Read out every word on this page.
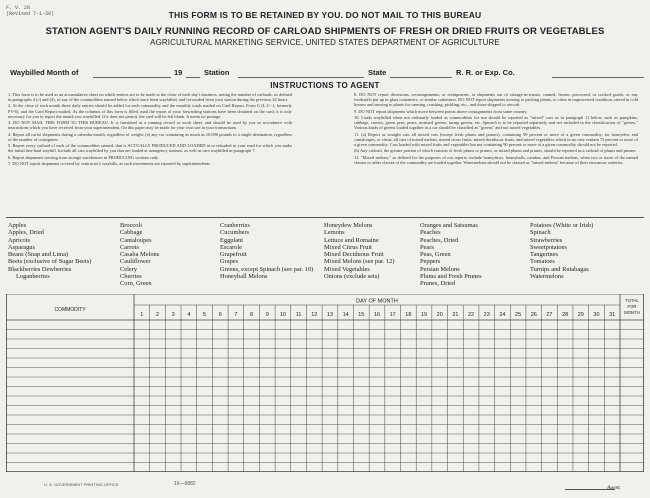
F. V. 28
(Revised 7-1-39)	THIS FORM IS TO BE RETAINED BY YOU. DO NOT MAIL TO THIS BUREAU
STATION AGENT'S DAILY RUNNING RECORD OF CARLOAD SHIPMENTS OF FRESH OR DRIED FRUITS OR VEGETABLES
AGRICULTURAL MARKETING SERVICE, UNITED STATES DEPARTMENT OF AGRICULTURE
Waybilled Month of	19	Station	State	R. R. or Exp. Co.
INSTRUCTIONS TO AGENT

1. This form is to be used as an accumulative sheet on which entries are to be made at the close of each day's business, noting the number of carloads, as defined in paragraphs 4 (c) and (d), of any of the commodities named below which have been waybilled, and forwarded from your station during the previous 24 hours.

2. At the close of each month these daily entries should be added for each commodity and the monthly totals mailed on Card Report, Form G (L.C.-1, formerly FV-6), and the Card Report mailed. As the columns of this form is filled, mail the report of your forwarding stations have been obtained on the card, it is only necessary for you to report the month you waybilled. If it does not permit, the card will be left blank. It needs no postage.

3. DO NOT MAIL THIS FORM TO THIS BUREAU. It is furnished as a running record or work sheet, and should be used by you in accordance with instructions which you have received from your superintendent. On this paper may be made for your own use in your transactions.

4. Report all carlot shipments during a calendar month, regardless of weight: (a) any car containing as much as 10,000 pounds to a single destination, regardless of the number of consignees.

5. Report every carload of each of the commodities named, that is ACTUALLY PRODUCED AND LOADED at or reloaded to your road for which you make the initial line-haul waybill. Include all cars waybilled by you that are loaded at nonagency stations, as well as cars waybilled in paragraph 7.

6. Report shipments moving from storage warehouses in PRODUCING sections only.

7. DO NOT report shipments covered by contractor's waybills, as such movements are reported by superintendents.

8. DO NOT report diversions, reconsignments, or reshipments, or shipments out of storage-in-transit, canned, frozen, processed, or cooked goods, or any foodstuffs put up in glass containers, or similar containers. DO NOT report shipments moving to packing plants, to cities in unprocessed condition, stored in cold houses and moving to plants for canning, crushing, pickling, etc., and those shipped to aircraft.

9. DO NOT report shipments which move between points above consignments from same country.

10. Loads waybilled when not ordinarily loaded as commodities for use should be reported as "mixed" cars as in paragraph 11 below, such as pumpkins, cabbage, carrots, green peas, pears, mustard greens, turnip greens, etc. Spinach is to be reported separately and not included in the classification of "greens." Various kinds of greens loaded together in a car should be classified as "greens" and not mixed vegetables.

11. (a) Report as straight cars all mixed cars (except fresh plums and prunes), containing 90 percent or more of a given commodity, for honeydew and cantaloupes, or citrus, all cars of mixed melons, mixed citrus fruits, mixed deciduous fruits, and mixed vegetables which in no case contain 75 percent or more of a given commodity. Cars loaded with mixed fruits and vegetables but not containing 90 percent or more of a given commodity should not be reported.

(b) Any carload, the greater portion of which consists of fresh plums or prunes, or mixed plums and prunes, should be reported as a carload of plums and prunes.

12. "Mixed melons," as defined for the purposes of our reports, include honeydews, honeyballs, casabas, and Persian melons, when two or more of the named classes or other classes of the commodity are loaded together. Watermelons should not be classed as "mixed melons" because of their enormous varieties.

Apples
Apples, Dried
Apricots
Asparagus
Beans (Snap and Lima)
Beets (exclusive of Sugar Beets)
Blackberries Dewberries
Loganberries
Broccoli
Cabbage
Cantaloupes
Carrots
Casaba Melons
Cauliflower
Celery
Cherries
Corn, Green
Cranberries
Cucumbers
Eggplant
Escarole
Grapefruit
Grapes
Greens, except Spinach (see par. 10)
Honeyball Melons
Honeydew Melons
Lemons
Lettuce and Romaine
Mixed Citrus Fruit
Mixed Deciduous Fruit
Mixed Melons (see par. 12)
Mixed Vegetables
Onions (exclude sets)
Oranges and Satsumas
Peaches
Peaches, Dried
Pears
Peas, Green
Peppers
Persian Melons
Plums and Fresh Prunes
Prunes, Dried
Potatoes (White or Irish)
Spinach
Strawberries
Sweetpotatoes
Tangerines
Tomatoes
Turnips and Rutabagas
Watermelons
COMMODITY
DAY OF MONTH	TOTAL
FOR
MONTH
1 2 3 4 5 6 7 8 9 10 11 12 13 14 15 16 17 18 19 20 21 22 23 24 25 26 27 28 29 30 31
U. S. GOVERNMENT PRINTING OFFICE	16—9882
Agent.
